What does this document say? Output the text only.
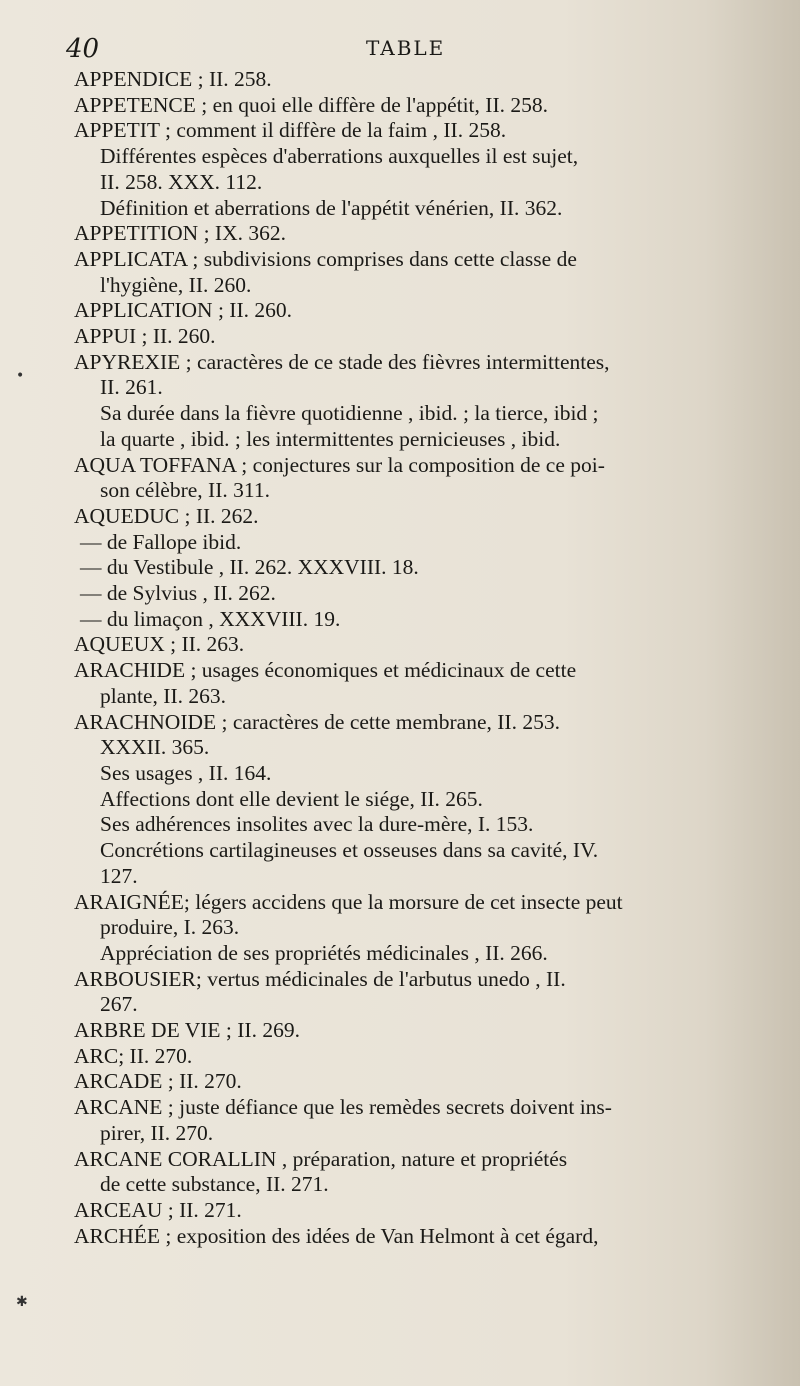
40	TABLE
•
✱
APPENDICE ; II. 258.
APPETENCE ; en quoi elle diffère de l'appétit, II. 258.
APPETIT ; comment il diffère de la faim , II. 258.
Différentes espèces d'aberrations auxquelles il est sujet,
II. 258. XXX. 112.
Définition et aberrations de l'appétit vénérien, II. 362.
APPETITION ; IX. 362.
APPLICATA ; subdivisions comprises dans cette classe de
l'hygiène, II. 260.
APPLICATION ; II. 260.
APPUI ; II. 260.
APYREXIE ; caractères de ce stade des fièvres intermittentes,
II. 261.
Sa durée dans la fièvre quotidienne , ibid. ; la tierce, ibid ;
la quarte , ibid. ; les intermittentes pernicieuses , ibid.
AQUA TOFFANA ; conjectures sur la composition de ce poi-
son célèbre, II. 311.
AQUEDUC ; II. 262.
— de Fallope ibid.
— du Vestibule , II. 262. XXXVIII. 18.
— de Sylvius , II. 262.
— du limaçon , XXXVIII. 19.
AQUEUX ; II. 263.
ARACHIDE ; usages économiques et médicinaux de cette
plante, II. 263.
ARACHNOIDE ; caractères de cette membrane, II. 253.
XXXII. 365.
Ses usages , II. 164.
Affections dont elle devient le siége, II. 265.
Ses adhérences insolites avec la dure-mère, I. 153.
Concrétions cartilagineuses et osseuses dans sa cavité, IV.
127.
ARAIGNÉE; légers accidens que la morsure de cet insecte peut
produire, I. 263.
Appréciation de ses propriétés médicinales , II. 266.
ARBOUSIER; vertus médicinales de l'arbutus unedo , II.
267.
ARBRE DE VIE ; II. 269.
ARC; II. 270.
ARCADE ; II. 270.
ARCANE ; juste défiance que les remèdes secrets doivent ins-
pirer, II. 270.
ARCANE CORALLIN , préparation, nature et propriétés
de cette substance, II. 271.
ARCEAU ; II. 271.
ARCHÉE ; exposition des idées de Van Helmont à cet égard,
